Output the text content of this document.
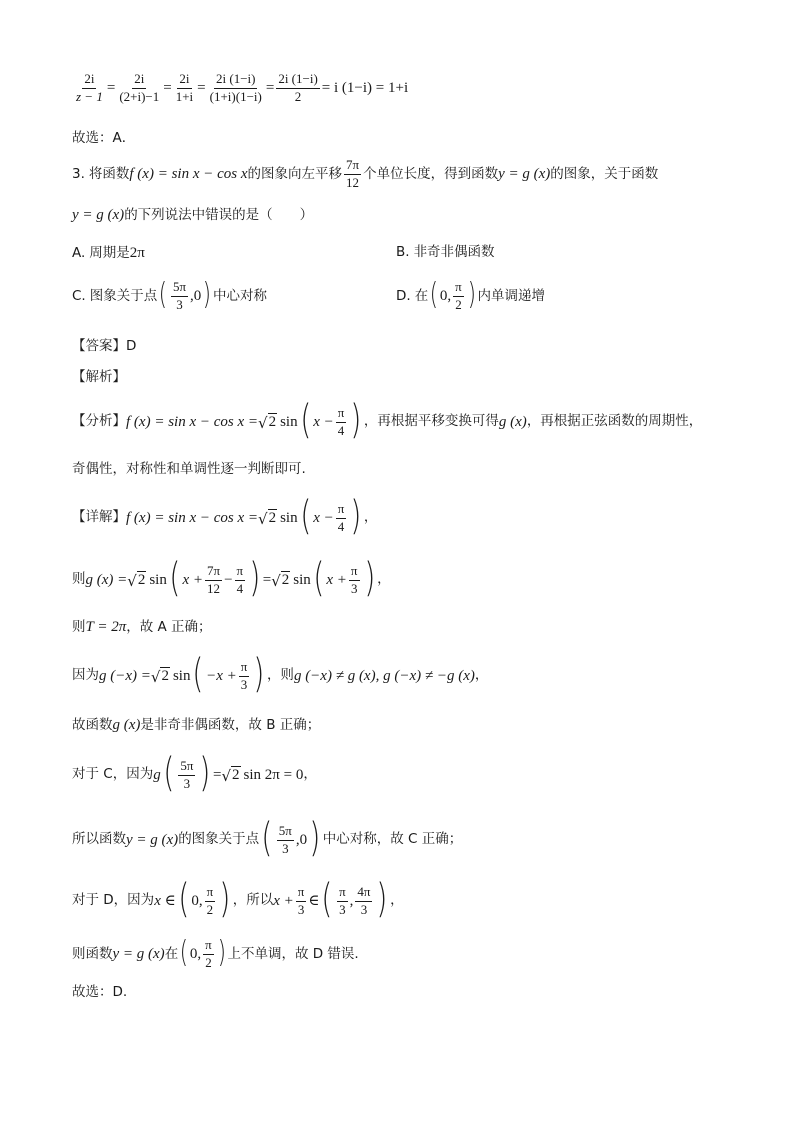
$\frac{2i}{z - 1} = \frac{2i}{(2+i)-1} = \frac{2i}{1+i} = \frac{2i (1-i)}{(1+i)(1-i)} = \frac{2i (1-i)}{2} = i$ (1−i) = 1+i
故选：A．
3. 将函数 f (x) = sin x − cos x 的图象向左平移 $\frac{7\pi}{12}$ 个单位长度，得到函数 y = g (x) 的图象，关于函数
y = g (x) 的下列说法中错误的是（　　）
A. 周期是 2π	B. 非奇非偶函数
C. 图象关于点 ( $\frac{5\pi}{3} ,0$ ) 中心对称	D. 在 ( 0, $\frac{\pi}{2}$ ) 内单调递增
【答案】D
【解析】
【分析】 f (x) = sin x − cos x = √ 2 sin ( $x - \frac{\pi}{4}$ ) ，再根据平移变换可得 g (x) ，再根据正弦函数的周期性，
奇偶性，对称性和单调性逐一判断即可.
【详解】 f (x) = sin x − cos x = √ 2 sin ( $x - \frac{\pi}{4}$ ) ，
则 g (x) = √ 2 sin ( $x + \frac{7\pi}{12} - \frac{\pi}{4}$ ) = √ 2 sin ( $x + \frac{\pi}{3}$ ) ，
则 T = 2π ，故 A 正确；
因为 g (−x) = √ 2 sin ( $-x + \frac{\pi}{3}$ ) ，则 g (−x) ≠ g (x), g (−x) ≠ −g (x) ，
故函数 g (x) 是非奇非偶函数，故 B 正确；
对于 C，因为 g ( $\frac{5\pi}{3}$ ) = √ 2 sin 2π = 0 ，
所以函数 y = g (x) 的图象关于点 ( $\frac{5\pi}{3} ,0$ ) 中心对称，故 C 正确；
对于 D，因为 x ∈ ( 0, $\frac{\pi}{2}$ ) ，所以 $x + \frac{\pi}{3}$ ∈ ( $\frac{\pi}{3}$ , $\frac{4\pi}{3}$ ) ，
则函数 y = g (x) 在 ( 0, $\frac{\pi}{2}$ ) 上不单调，故 D 错误.
故选：D.
